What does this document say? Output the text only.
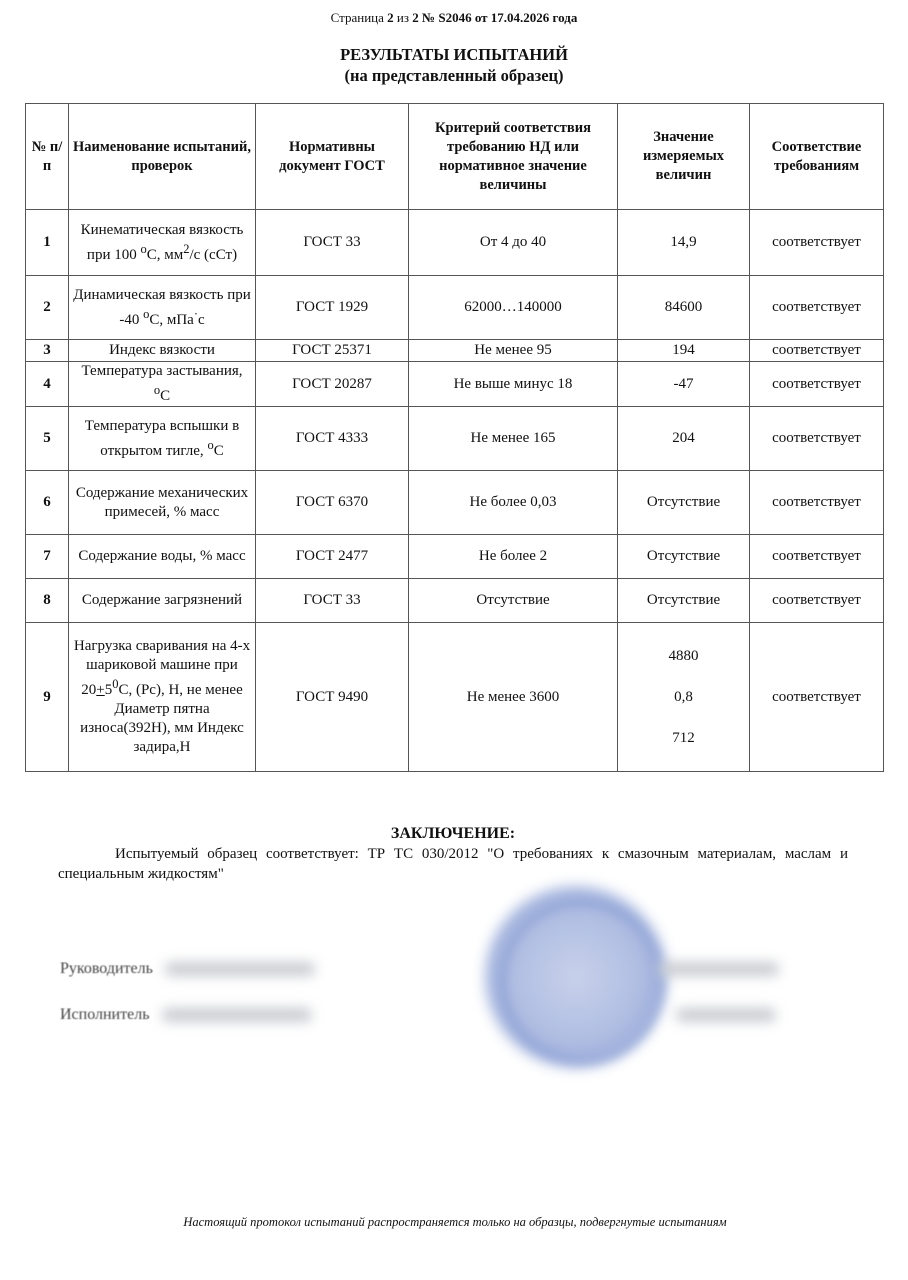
Страница 2 из 2 № S2046 от 17.04.2026 года
РЕЗУЛЬТАТЫ ИСПЫТАНИЙ
(на представленный образец)
№ п/п	Наименование испытаний, проверок	Нормативны документ ГОСТ	Критерий соответствия требованию НД или нормативное значение величины	Значение измеряемых величин	Соответствие требованиям
1	Кинематическая вязкость при 100 $^о$С, $мм^2/с$ (сСт)	ГОСТ 33	От 4 до 40	14,9	соответствует
2	Динамическая вязкость при -40 $^о$С, мПа·с	ГОСТ 1929	62000…140000	84600	соответствует
3	Индекс вязкости	ГОСТ 25371	Не менее 95	194	соответствует
4	Температура застывания, $^о$С	ГОСТ 20287	Не выше минус 18	-47	соответствует
5	Температура вспышки в открытом тигле, $^о$С	ГОСТ 4333	Не менее 165	204	соответствует
6	Содержание механических примесей, % масс	ГОСТ 6370	Не более 0,03	Отсутствие	соответствует
7	Содержание воды, % масс	ГОСТ 2477	Не более 2	Отсутствие	соответствует
8	Содержание загрязнений	ГОСТ 33	Отсутствие	Отсутствие	соответствует
9	Нагрузка сваривания на 4-х шариковой машине при $20+5^0С$, (Рс), Н, не менее Диаметр пятна износа(392Н), мм Индекс задира,Н	ГОСТ 9490	Не менее 3600	4880
0,8
712	соответствует
ЗАКЛЮЧЕНИЕ:
Испытуемый образец соответствует: ТР ТС 030/2012 "О требованиях к смазочным материалам, маслам и специальным жидкостям"
Руководитель
Исполнитель
Настоящий протокол испытаний распространяется только на образцы, подвергнутые испытаниям
